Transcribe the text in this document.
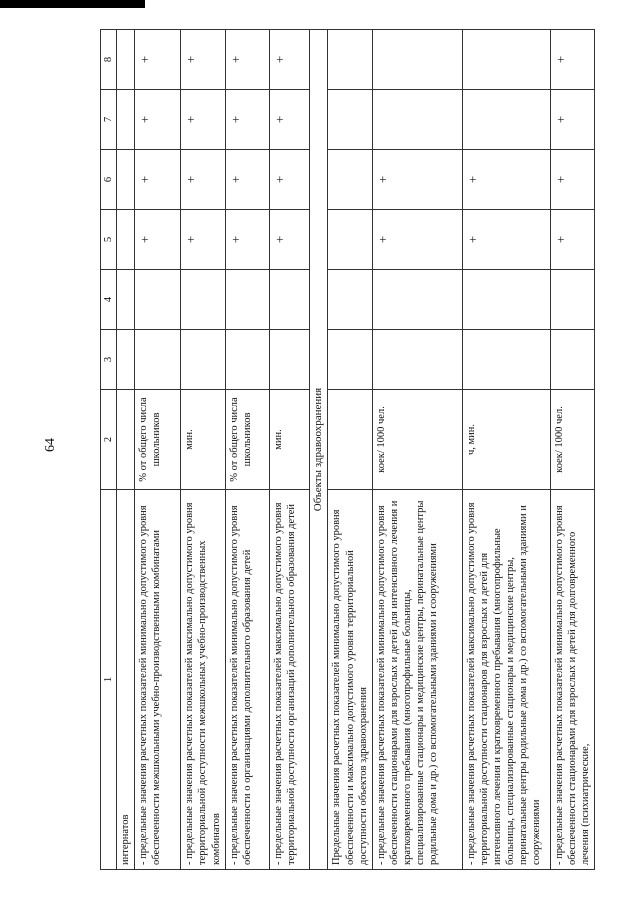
64
1	2	3	4	5	6	7	8
интернатов							
- предельные значения расчетных показателей минимально допустимого уровня обеспеченности межшкольными учебно-производственными комбинатами	% от общего числа школьников			+	+	+	+
- предельные значения расчетных показателей максимально допустимого уровня территориальной доступности межшкольных учебно-производственных комбинатов	мин.			+	+	+	+
- предельные значения расчетных показателей минимально допустимого уровня обеспеченности о организациями дополнительного образования детей	% от общего числа школьников			+	+	+	+
- предельные значения расчетных показателей максимально допустимого уровня территориальной доступности организаций дополнительного образования детей	мин.			+	+	+	+
Объекты здравоохранения							
Предельные значения расчетных показателей минимально допустимого уровня обеспеченности и максимально допустимого уровня территориальной доступности объектов здравоохранения							
- предельные значения расчетных показателей минимально допустимого уровня обеспеченности стационарами для взрослых и детей для интенсивного лечения и кратковременного пребывания (многопрофильные больницы, специализированные стационары и медицинские центры, перинатальные центры родильные дома и др.) со вспомогательными зданиями и сооружениями	коек/ 1000 чел.			+	+		
- предельные значения расчетных показателей максимально допустимого уровня территориальной доступности стационаров для взрослых и детей для интенсивного лечения и кратковременного пребывания (многопрофильные больницы, специализированные стационары и медицинские центры, перинатальные центры родильные дома и др.) со вспомогательными зданиями и сооружениями	ч, мин.			+	+		
- предельные значения расчетных показателей минимально допустимого уровня обеспеченности стационарами для взрослых и детей для долговременного лечения (психиатрические,	коек/ 1000 чел.			+	+	+	+
